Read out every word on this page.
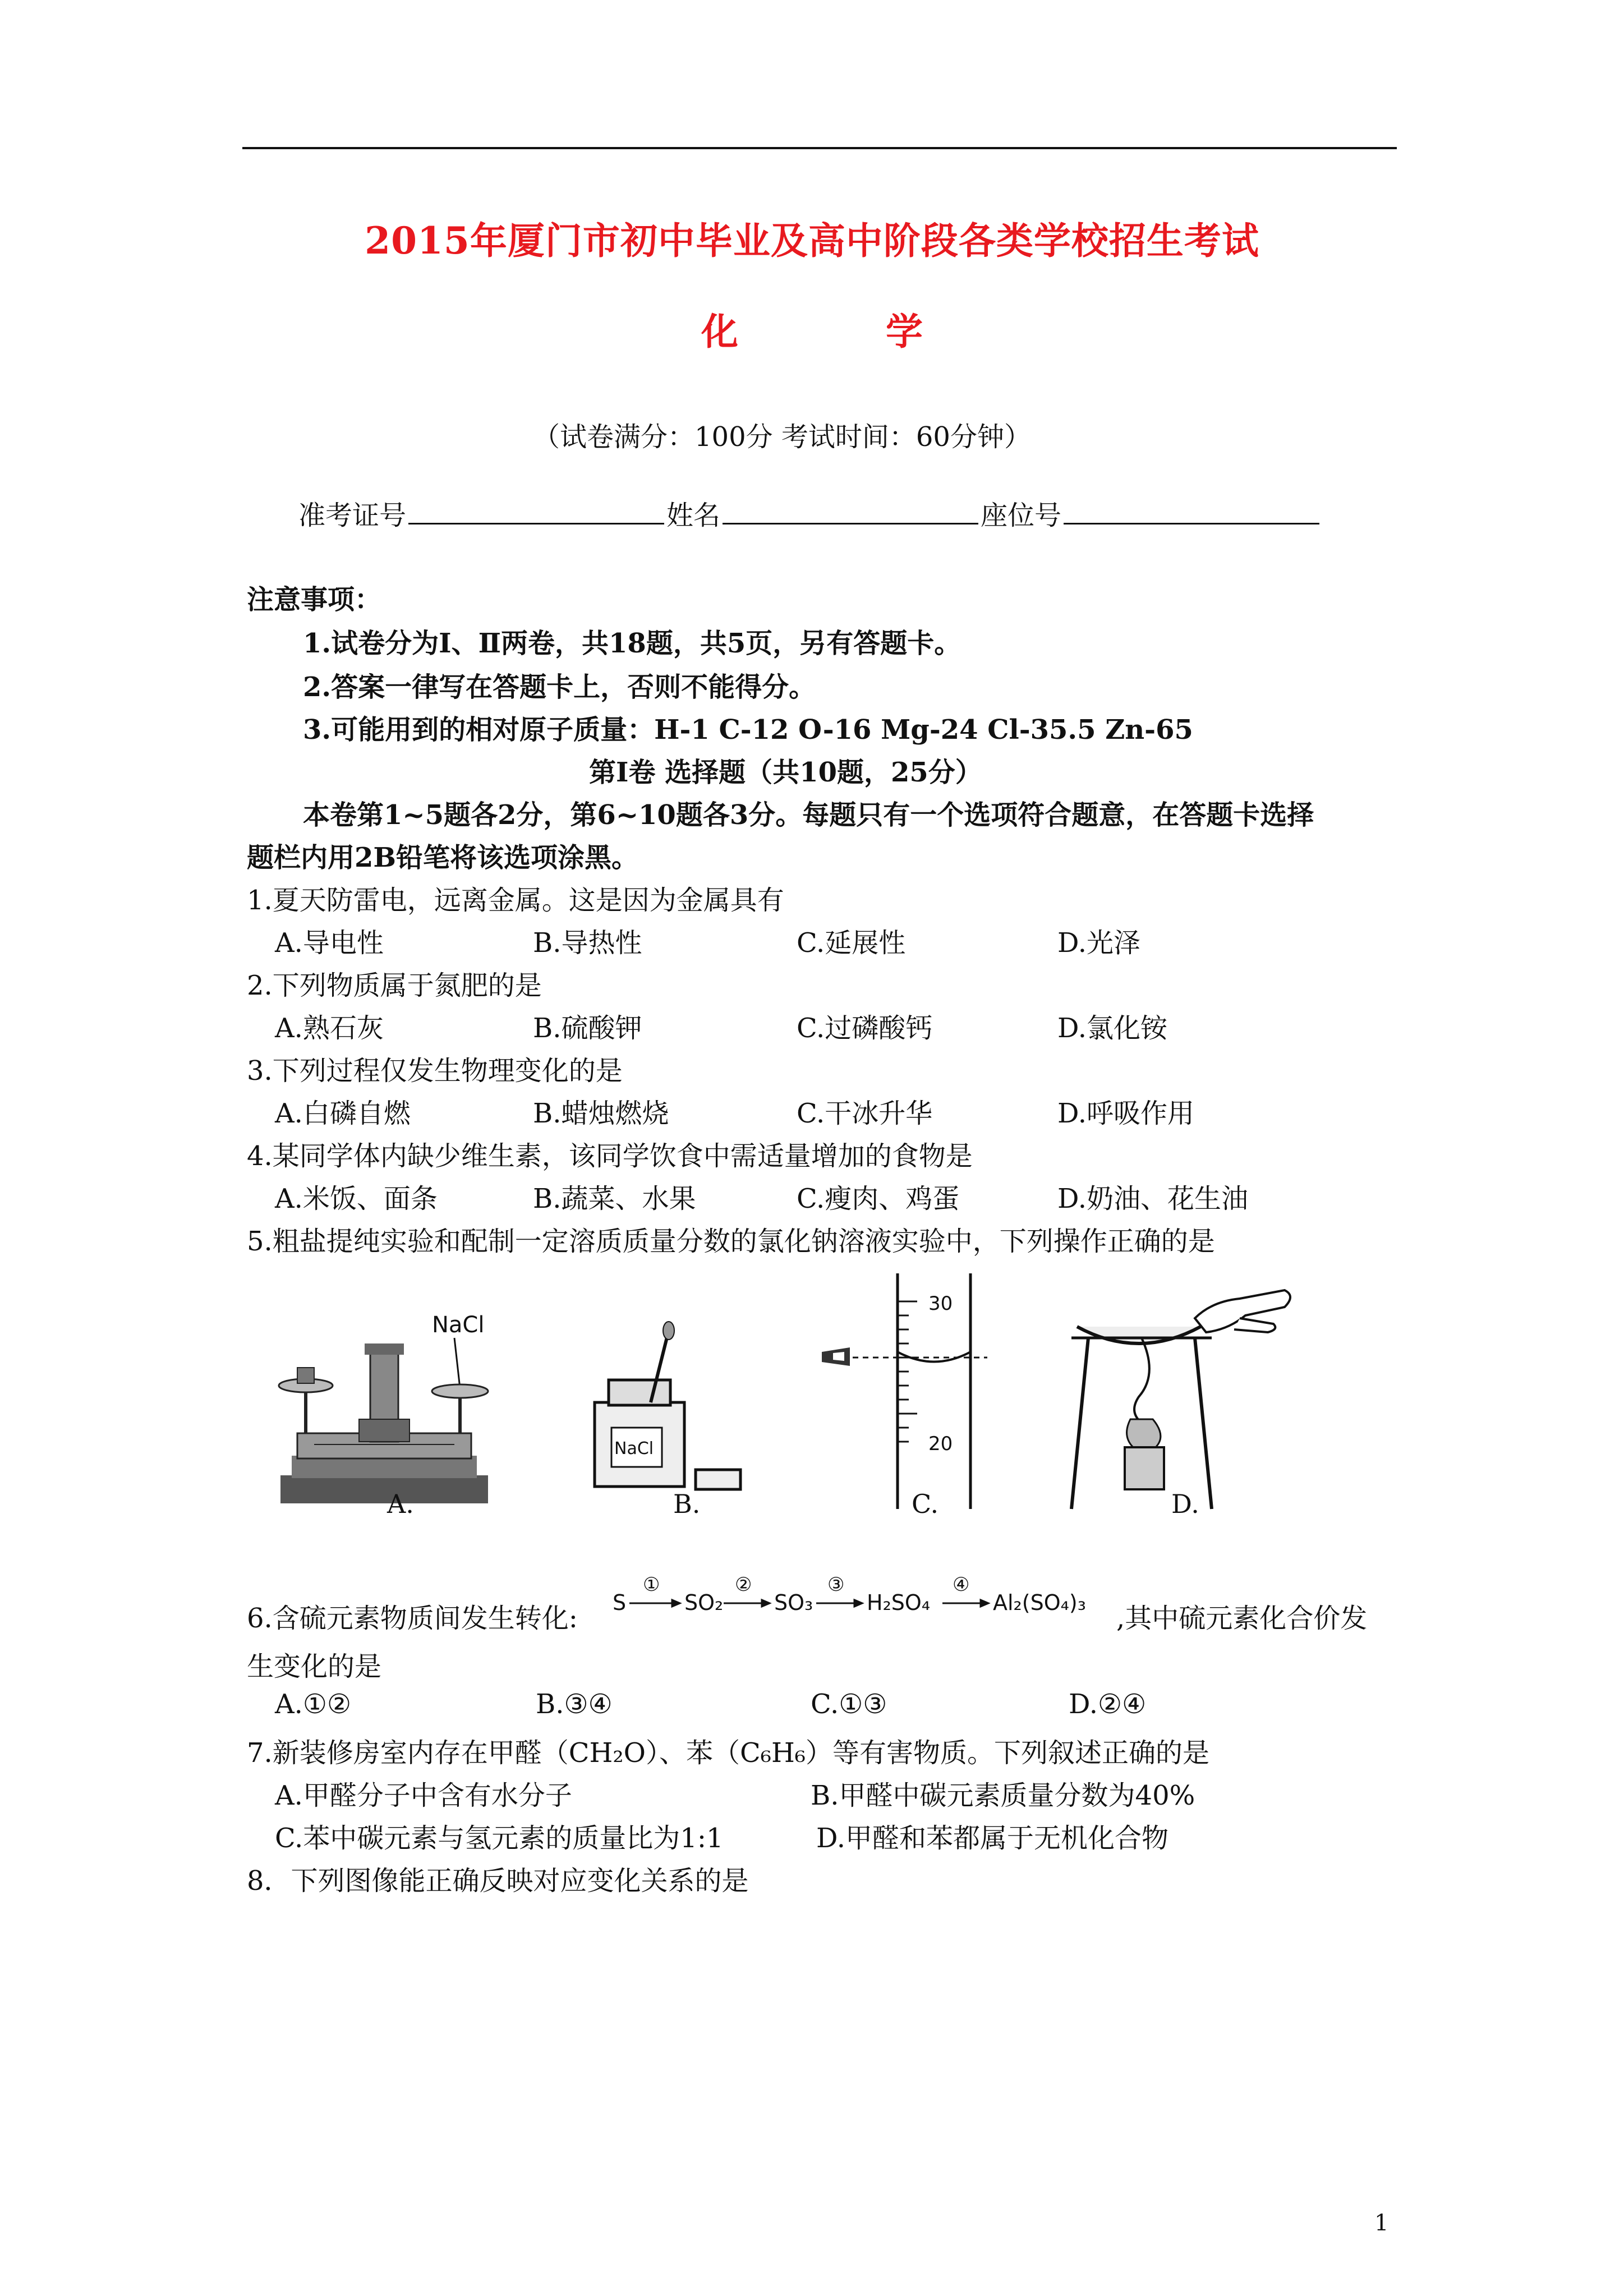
2015年厦门市初中毕业及高中阶段各类学校招生考试
化 学
（试卷满分：100分 考试时间：60分钟）
准考证号	姓名	座位号
注意事项：
1.试卷分为Ⅰ、Ⅱ两卷，共18题，共5页，另有答题卡。
2.答案一律写在答题卡上，否则不能得分。
3.可能用到的相对原子质量：H-1 C-12 O-16 Mg-24 Cl-35.5 Zn-65
第Ⅰ卷 选择题（共10题，25分）
本卷第1~5题各2分，第6~10题各3分。每题只有一个选项符合题意，在答题卡选择
题栏内用2B铅笔将该选项涂黑。
1.夏天防雷电，远离金属。这是因为金属具有
A.导电性	B.导热性	C.延展性	D.光泽
2.下列物质属于氮肥的是
A.熟石灰	B.硫酸钾	C.过磷酸钙	D.氯化铵
3.下列过程仅发生物理变化的是
A.白磷自燃	B.蜡烛燃烧	C.干冰升华	D.呼吸作用
4.某同学体内缺少维生素，该同学饮食中需适量增加的食物是
A.米饭、面条	B.蔬菜、水果	C.瘦肉、鸡蛋	D.奶油、花生油
5.粗盐提纯实验和配制一定溶质质量分数的氯化钠溶液实验中，下列操作正确的是
NaCl
A.
NaCl
B.
30
20
C.	D.
6.含硫元素物质间发生转化: S
①
SO₂
②
SO₃
③
H₂SO₄
④
Al₂(SO₄)₃ ,其中硫元素化合价发
生变化的是
A.①②	B.③④	C.①③	D.②④
7.新装修房室内存在甲醛（CH₂O）、苯（C₆H₆）等有害物质。下列叙述正确的是
A.甲醛分子中含有水分子	B.甲醛中碳元素质量分数为40%
C.苯中碳元素与氢元素的质量比为1:1	D.甲醛和苯都属于无机化合物
8．下列图像能正确反映对应变化关系的是
1
